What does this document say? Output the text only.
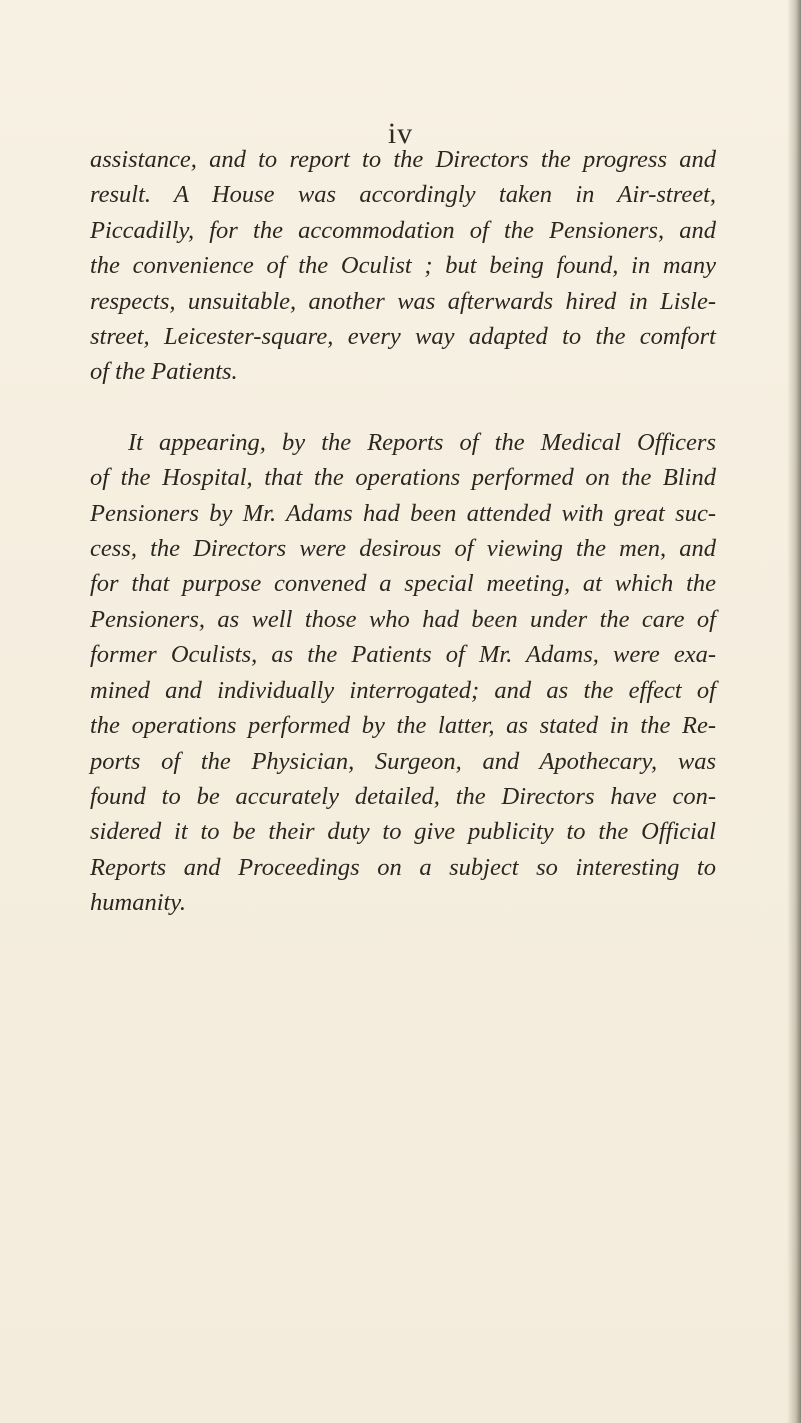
iv
assistance, and to report to the Directors the progress and
result. A House was accordingly taken in Air-street,
Piccadilly, for the accommodation of the Pensioners, and
the convenience of the Oculist ; but being found, in many
respects, unsuitable, another was afterwards hired in Lisle-
street, Leicester-square, every way adapted to the comfort
of the Patients.
It appearing, by the Reports of the Medical Officers
of the Hospital, that the operations performed on the Blind
Pensioners by Mr. Adams had been attended with great suc-
cess, the Directors were desirous of viewing the men, and
for that purpose convened a special meeting, at which the
Pensioners, as well those who had been under the care of
former Oculists, as the Patients of Mr. Adams, were exa-
mined and individually interrogated; and as the effect of
the operations performed by the latter, as stated in the Re-
ports of the Physician, Surgeon, and Apothecary, was
found to be accurately detailed, the Directors have con-
sidered it to be their duty to give publicity to the Official
Reports and Proceedings on a subject so interesting to
humanity.
